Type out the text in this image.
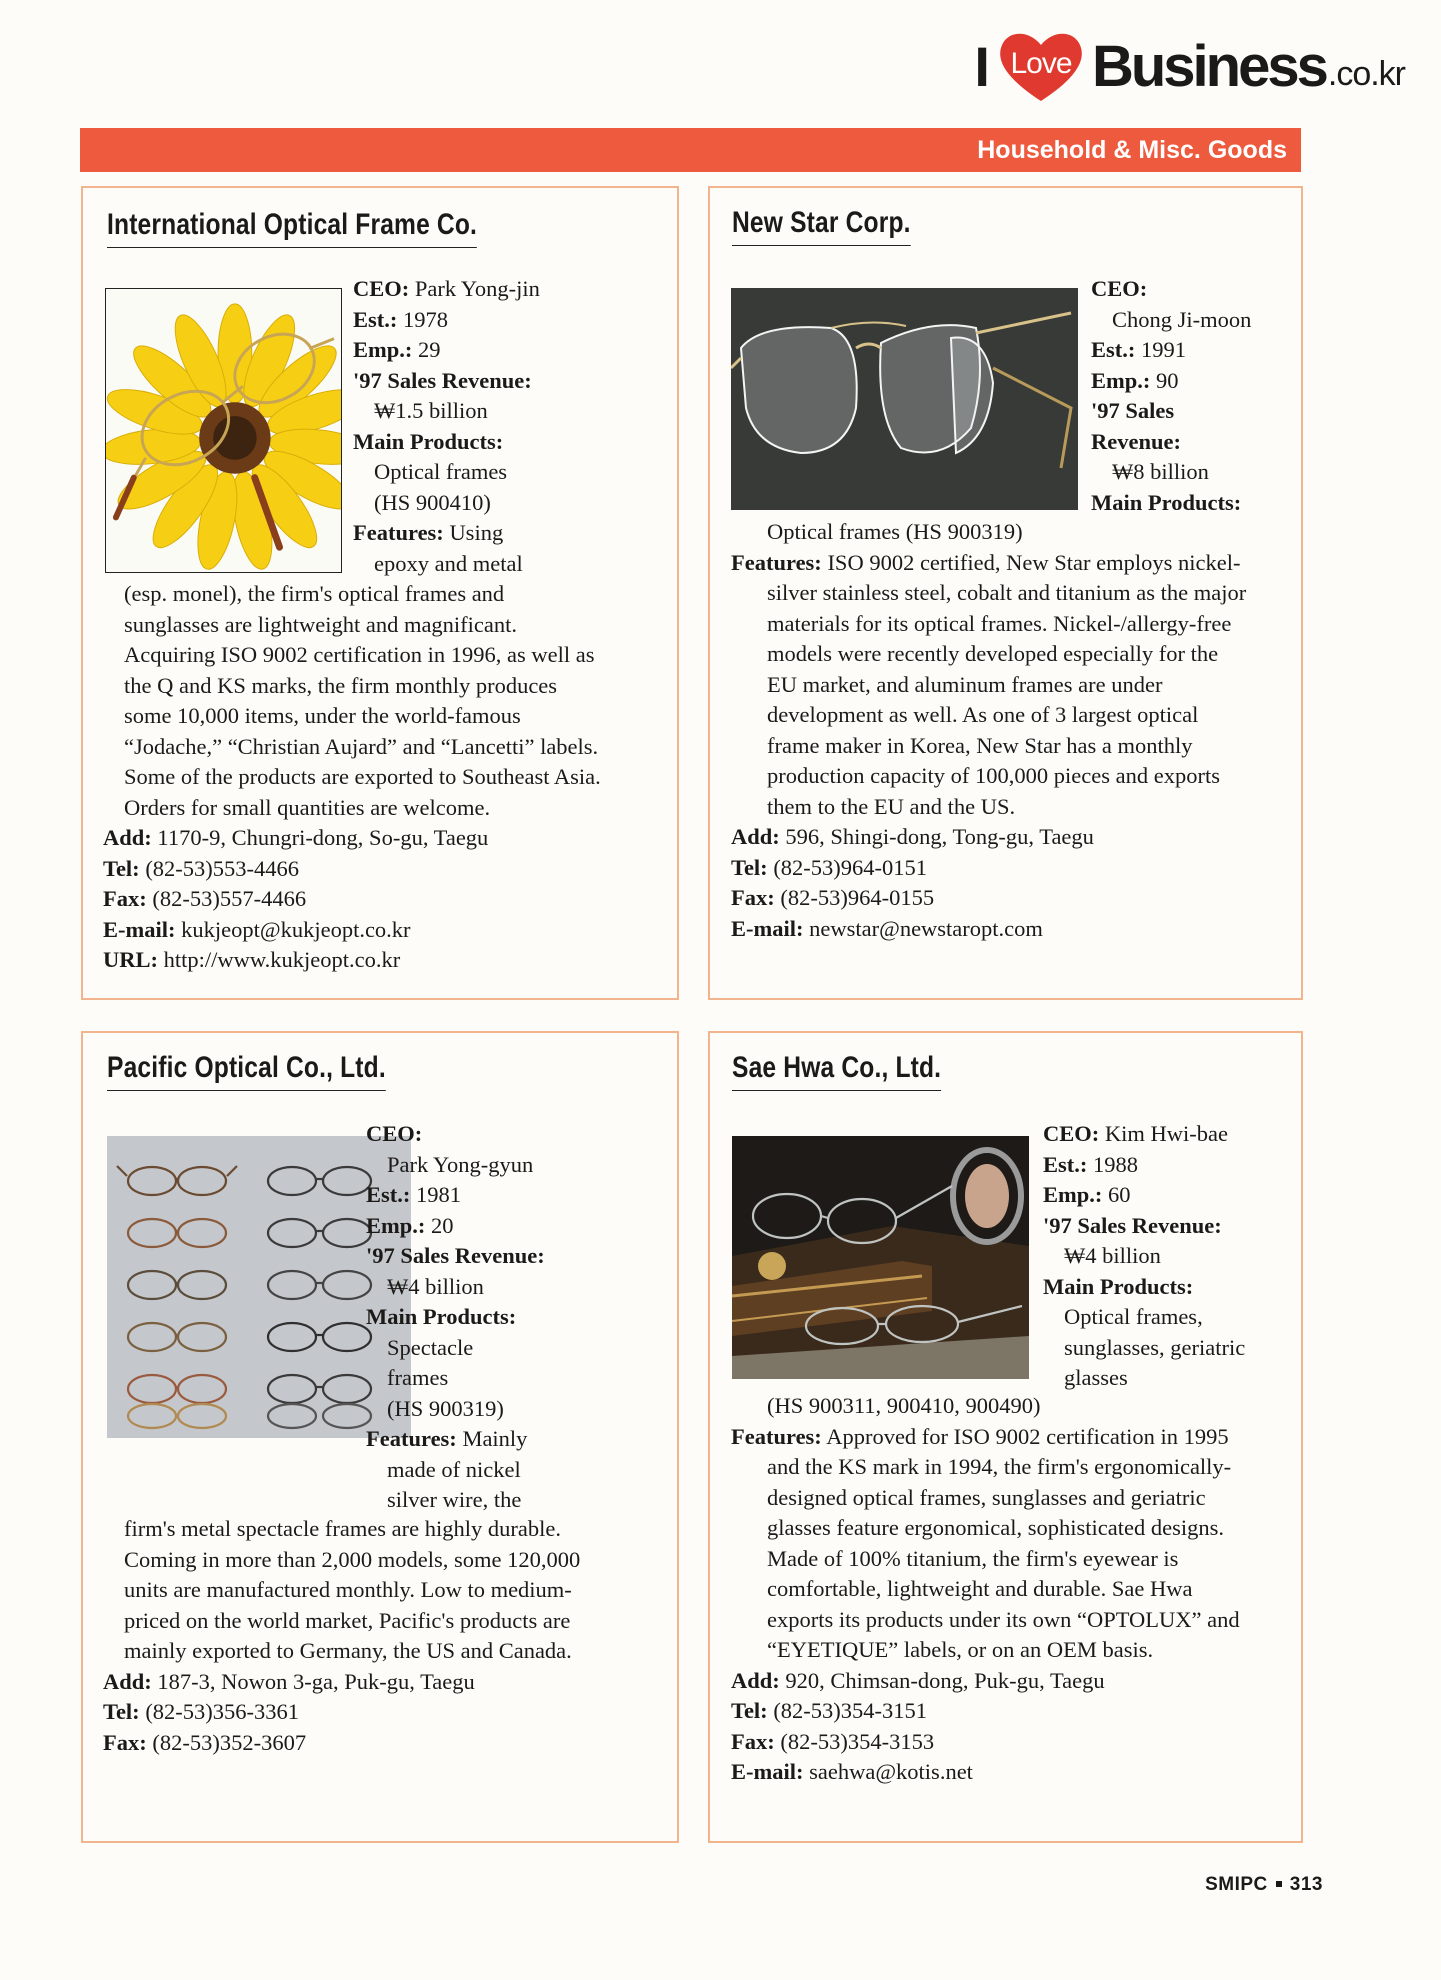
I Love Business .co.kr
Household & Misc. Goods
International Optical Frame Co.

CEO: Park Yong-jin

Est.: 1978

Emp.: 29

'97 Sales Revenue:

₩1.5 billion

Main Products:

Optical frames

(HS 900410)

Features: Using

epoxy and metal

(esp. monel), the firm's optical frames and

sunglasses are lightweight and magnificant.

Acquiring ISO 9002 certification in 1996, as well as

the Q and KS marks, the firm monthly produces

some 10,000 items, under the world-famous

“Jodache,” “Christian Aujard” and “Lancetti” labels.

Some of the products are exported to Southeast Asia.

Orders for small quantities are welcome.

Add: 1170-9, Chungri-dong, So-gu, Taegu

Tel: (82-53)553-4466

Fax: (82-53)557-4466

E-mail: kukjeopt@kukjeopt.co.kr

URL: http://www.kukjeopt.co.kr

New Star Corp.

CEO:

Chong Ji-moon

Est.: 1991

Emp.: 90

'97 Sales

Revenue:

₩8 billion

Main Products:

Optical frames (HS 900319)

Features: ISO 9002 certified, New Star employs nickel-

silver stainless steel, cobalt and titanium as the major

materials for its optical frames. Nickel-/allergy-free

models were recently developed especially for the

EU market, and aluminum frames are under

development as well. As one of 3 largest optical

frame maker in Korea, New Star has a monthly

production capacity of 100,000 pieces and exports

them to the EU and the US.

Add: 596, Shingi-dong, Tong-gu, Taegu

Tel: (82-53)964-0151

Fax: (82-53)964-0155

E-mail: newstar@newstaropt.com

Pacific Optical Co., Ltd.

CEO:

Park Yong-gyun

Est.: 1981

Emp.: 20

'97 Sales Revenue:

₩4 billion

Main Products:

Spectacle

frames

(HS 900319)

Features: Mainly

made of nickel

silver wire, the

firm's metal spectacle frames are highly durable.

Coming in more than 2,000 models, some 120,000

units are manufactured monthly. Low to medium-

priced on the world market, Pacific's products are

mainly exported to Germany, the US and Canada.

Add: 187-3, Nowon 3-ga, Puk-gu, Taegu

Tel: (82-53)356-3361

Fax: (82-53)352-3607

Sae Hwa Co., Ltd.

CEO: Kim Hwi-bae

Est.: 1988

Emp.: 60

'97 Sales Revenue:

₩4 billion

Main Products:

Optical frames,

sunglasses, geriatric

glasses

(HS 900311, 900410, 900490)

Features: Approved for ISO 9002 certification in 1995

and the KS mark in 1994, the firm's ergonomically-

designed optical frames, sunglasses and geriatric

glasses feature ergonomical, sophisticated designs.

Made of 100% titanium, the firm's eyewear is

comfortable, lightweight and durable. Sae Hwa

exports its products under its own “OPTOLUX” and

“EYETIQUE” labels, or on an OEM basis.

Add: 920, Chimsan-dong, Puk-gu, Taegu

Tel: (82-53)354-3151

Fax: (82-53)354-3153

E-mail: saehwa@kotis.net

SMIPC 313
